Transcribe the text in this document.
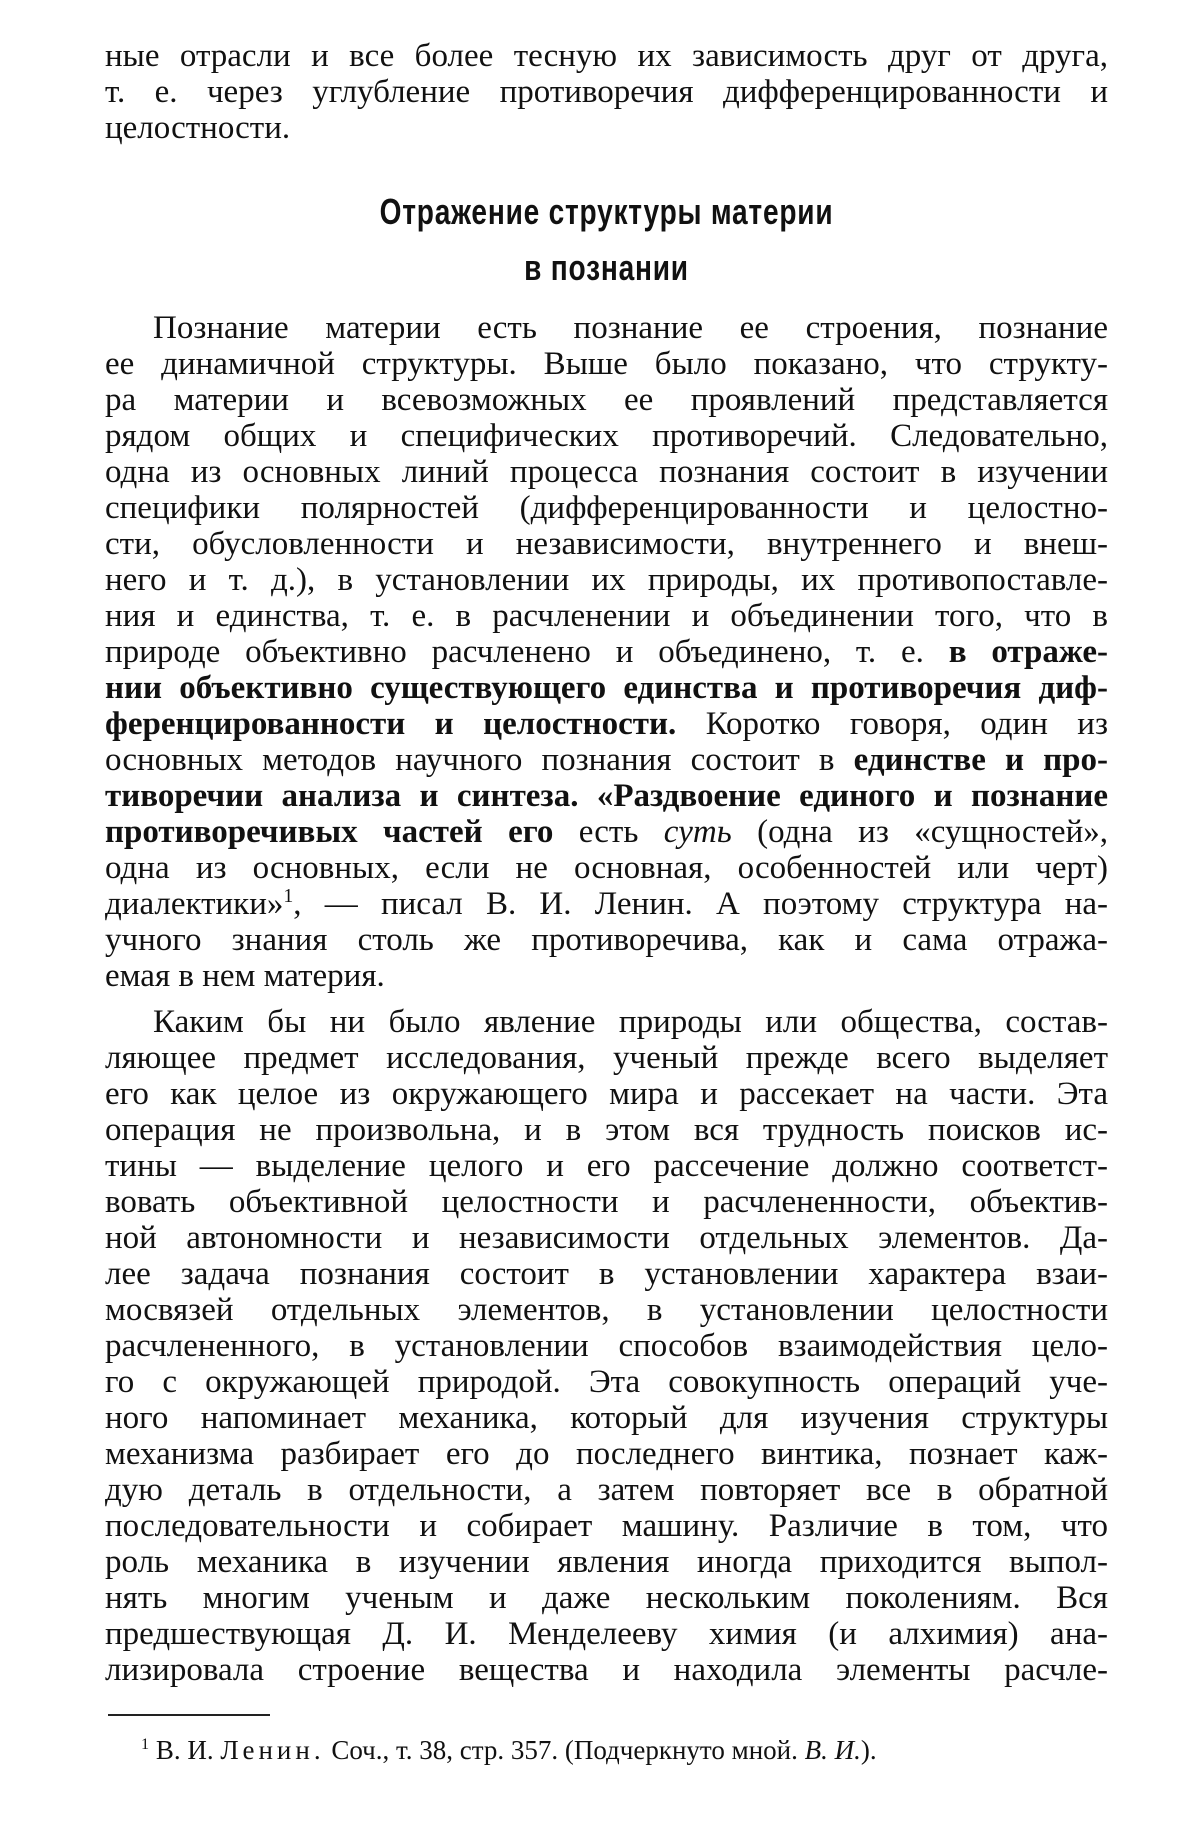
ные отрасли и все более тесную их зависимость друг от друга,
т. е. через углубление противоречия дифференцированности и
целостности.
Отражение структуры материи
в познании
Познание материи есть познание ее строения, познание
ее динамичной структуры. Выше было показано, что структу-
ра материи и всевозможных ее проявлений представляется
рядом общих и специфических противоречий. Следовательно,
одна из основных линий процесса познания состоит в изучении
специфики полярностей (дифференцированности и целостно-
сти, обусловленности и независимости, внутреннего и внеш-
него и т. д.), в установлении их природы, их противопоставле-
ния и единства, т. е. в расчленении и объединении того, что в
природе объективно расчленено и объединено, т. е. в отраже-
нии объективно существующего единства и противоречия диф-
ференцированности и целостности. Коротко говоря, один из
основных методов научного познания состоит в единстве и про-
тиворечии анализа и синтеза. «Раздвоение единого и познание
противоречивых частей его есть суть (одна из «сущностей»,
одна из основных, если не основная, особенностей или черт)
диалектики»$^1$, — писал В. И. Ленин. А поэтому структура на-
учного знания столь же противоречива, как и сама отража-
емая в нем материя.
Каким бы ни было явление природы или общества, состав-
ляющее предмет исследования, ученый прежде всего выделяет
его как целое из окружающего мира и рассекает на части. Эта
операция не произвольна, и в этом вся трудность поисков ис-
тины — выделение целого и его рассечение должно соответст-
вовать объективной целостности и расчлененности, объектив-
ной автономности и независимости отдельных элементов. Да-
лее задача познания состоит в установлении характера взаи-
мосвязей отдельных элементов, в установлении целостности
расчлененного, в установлении способов взаимодействия цело-
го с окружающей природой. Эта совокупность операций уче-
ного напоминает механика, который для изучения структуры
механизма разбирает его до последнего винтика, познает каж-
дую деталь в отдельности, а затем повторяет все в обратной
последовательности и собирает машину. Различие в том, что
роль механика в изучении явления иногда приходится выпол-
нять многим ученым и даже нескольким поколениям. Вся
предшествующая Д. И. Менделееву химия (и алхимия) ана-
лизировала строение вещества и находила элементы расчле-
$^1$ В. И. Ленин. Соч., т. 38, стр. 357. (Подчеркнуто мной. В. И.).
